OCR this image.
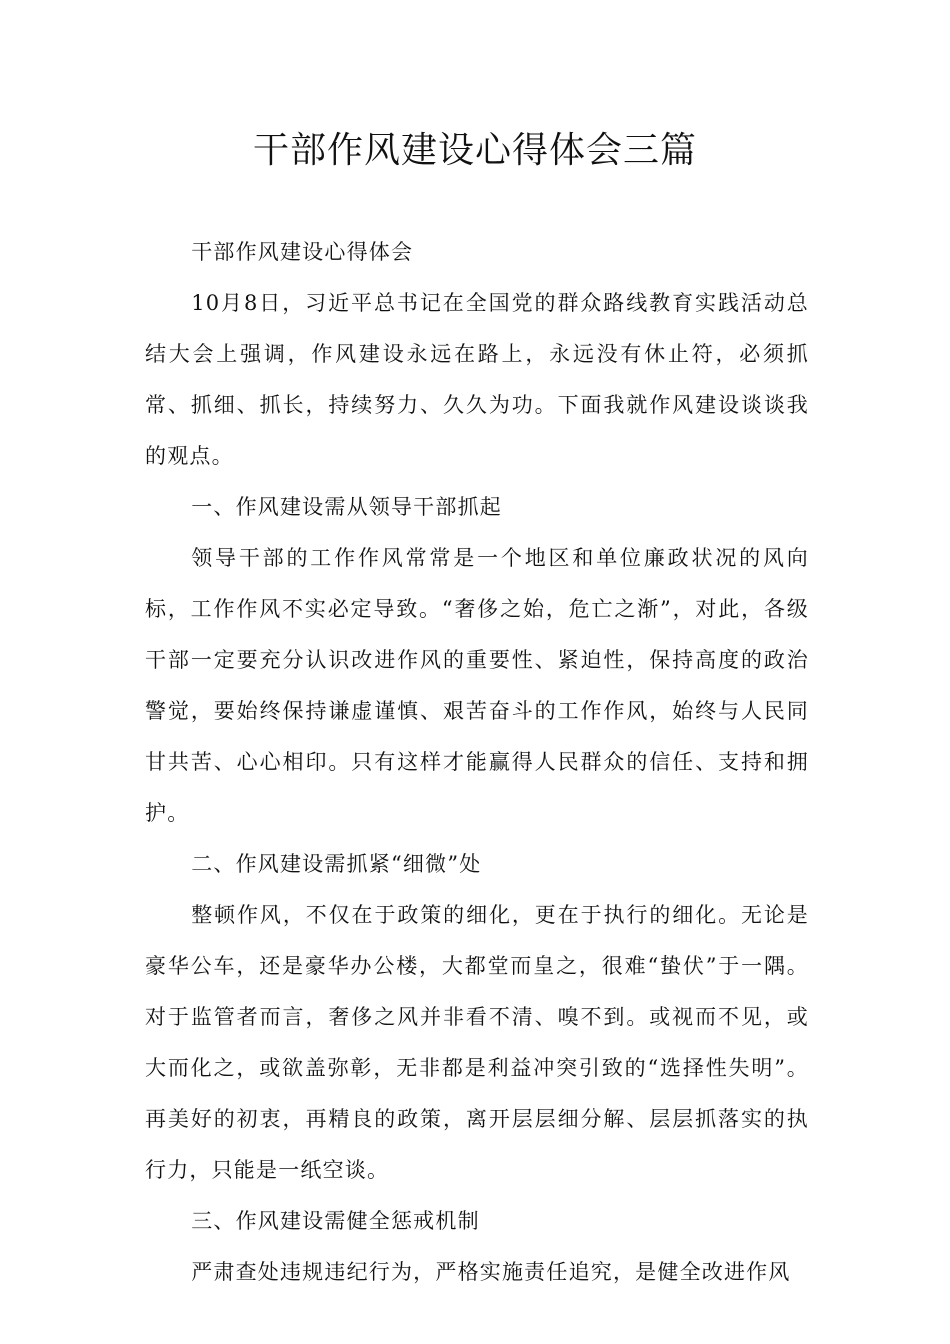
干部作风建设心得体会三篇

干部作风建设心得体会

10月8日，习近平总书记在全国党的群众路线教育实践活动总结大会上强调，作风建设永远在路上，永远没有休止符，必须抓常、抓细、抓长，持续努力、久久为功。下面我就作风建设谈谈我的观点。

一、作风建设需从领导干部抓起

领导干部的工作作风常常是一个地区和单位廉政状况的风向标，工作作风不实必定导致。“奢侈之始，危亡之渐”，对此，各级干部一定要充分认识改进作风的重要性、紧迫性，保持高度的政治警觉，要始终保持谦虚谨慎、艰苦奋斗的工作作风，始终与人民同甘共苦、心心相印。只有这样才能赢得人民群众的信任、支持和拥护。

二、作风建设需抓紧“细微”处

整顿作风，不仅在于政策的细化，更在于执行的细化。无论是豪华公车，还是豪华办公楼，大都堂而皇之，很难“蛰伏”于一隅。对于监管者而言，奢侈之风并非看不清、嗅不到。或视而不见，或大而化之，或欲盖弥彰，无非都是利益冲突引致的“选择性失明”。再美好的初衷，再精良的政策，离开层层细分解、层层抓落实的执行力，只能是一纸空谈。

三、作风建设需健全惩戒机制

严肃查处违规违纪行为，严格实施责任追究，是健全改进作风
